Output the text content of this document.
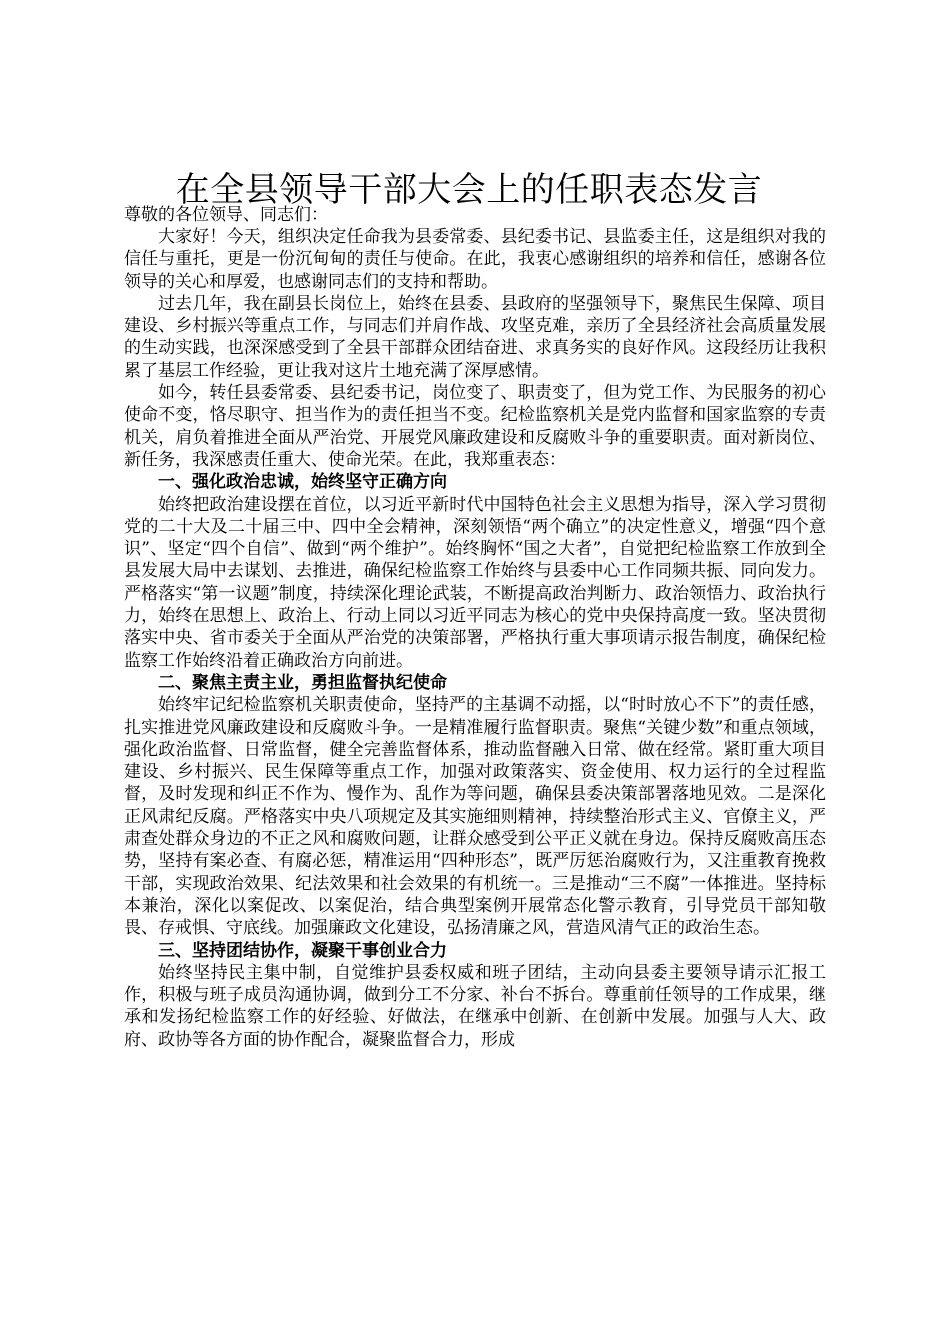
在全县领导干部大会上的任职表态发言

尊敬的各位领导、同志们：

大家好！今天，组织决定任命我为县委常委、县纪委书记、县监委主任，这是组织对我的信任与重托，更是一份沉甸甸的责任与使命。在此，我衷心感谢组织的培养和信任，感谢各位领导的关心和厚爱，也感谢同志们的支持和帮助。

过去几年，我在副县长岗位上，始终在县委、县政府的坚强领导下，聚焦民生保障、项目建设、乡村振兴等重点工作，与同志们并肩作战、攻坚克难，亲历了全县经济社会高质量发展的生动实践，也深深感受到了全县干部群众团结奋进、求真务实的良好作风。这段经历让我积累了基层工作经验，更让我对这片土地充满了深厚感情。

如今，转任县委常委、县纪委书记，岗位变了、职责变了，但为党工作、为民服务的初心使命不变，恪尽职守、担当作为的责任担当不变。纪检监察机关是党内监督和国家监察的专责机关，肩负着推进全面从严治党、开展党风廉政建设和反腐败斗争的重要职责。面对新岗位、新任务，我深感责任重大、使命光荣。在此，我郑重表态：

一、强化政治忠诚，始终坚守正确方向

始终把政治建设摆在首位，以习近平新时代中国特色社会主义思想为指导，深入学习贯彻党的二十大及二十届三中、四中全会精神，深刻领悟“两个确立”的决定性意义，增强“四个意识”、坚定“四个自信”、做到“两个维护”。始终胸怀“国之大者”，自觉把纪检监察工作放到全县发展大局中去谋划、去推进，确保纪检监察工作始终与县委中心工作同频共振、同向发力。严格落实“第一议题”制度，持续深化理论武装，不断提高政治判断力、政治领悟力、政治执行力，始终在思想上、政治上、行动上同以习近平同志为核心的党中央保持高度一致。坚决贯彻落实中央、省市委关于全面从严治党的决策部署，严格执行重大事项请示报告制度，确保纪检监察工作始终沿着正确政治方向前进。

二、聚焦主责主业，勇担监督执纪使命

始终牢记纪检监察机关职责使命，坚持严的主基调不动摇，以“时时放心不下”的责任感，扎实推进党风廉政建设和反腐败斗争。一是精准履行监督职责。聚焦“关键少数”和重点领域，强化政治监督、日常监督，健全完善监督体系，推动监督融入日常、做在经常。紧盯重大项目建设、乡村振兴、民生保障等重点工作，加强对政策落实、资金使用、权力运行的全过程监督，及时发现和纠正不作为、慢作为、乱作为等问题，确保县委决策部署落地见效。二是深化正风肃纪反腐。严格落实中央八项规定及其实施细则精神，持续整治形式主义、官僚主义，严肃查处群众身边的不正之风和腐败问题，让群众感受到公平正义就在身边。保持反腐败高压态势，坚持有案必查、有腐必惩，精准运用“四种形态”，既严厉惩治腐败行为，又注重教育挽救干部，实现政治效果、纪法效果和社会效果的有机统一。三是推动“三不腐”一体推进。坚持标本兼治，深化以案促改、以案促治，结合典型案例开展常态化警示教育，引导党员干部知敬畏、存戒惧、守底线。加强廉政文化建设，弘扬清廉之风，营造风清气正的政治生态。

三、坚持团结协作，凝聚干事创业合力

始终坚持民主集中制，自觉维护县委权威和班子团结，主动向县委主要领导请示汇报工作，积极与班子成员沟通协调，做到分工不分家、补台不拆台。尊重前任领导的工作成果，继承和发扬纪检监察工作的好经验、好做法，在继承中创新、在创新中发展。加强与人大、政府、政协等各方面的协作配合，凝聚监督合力，形成
